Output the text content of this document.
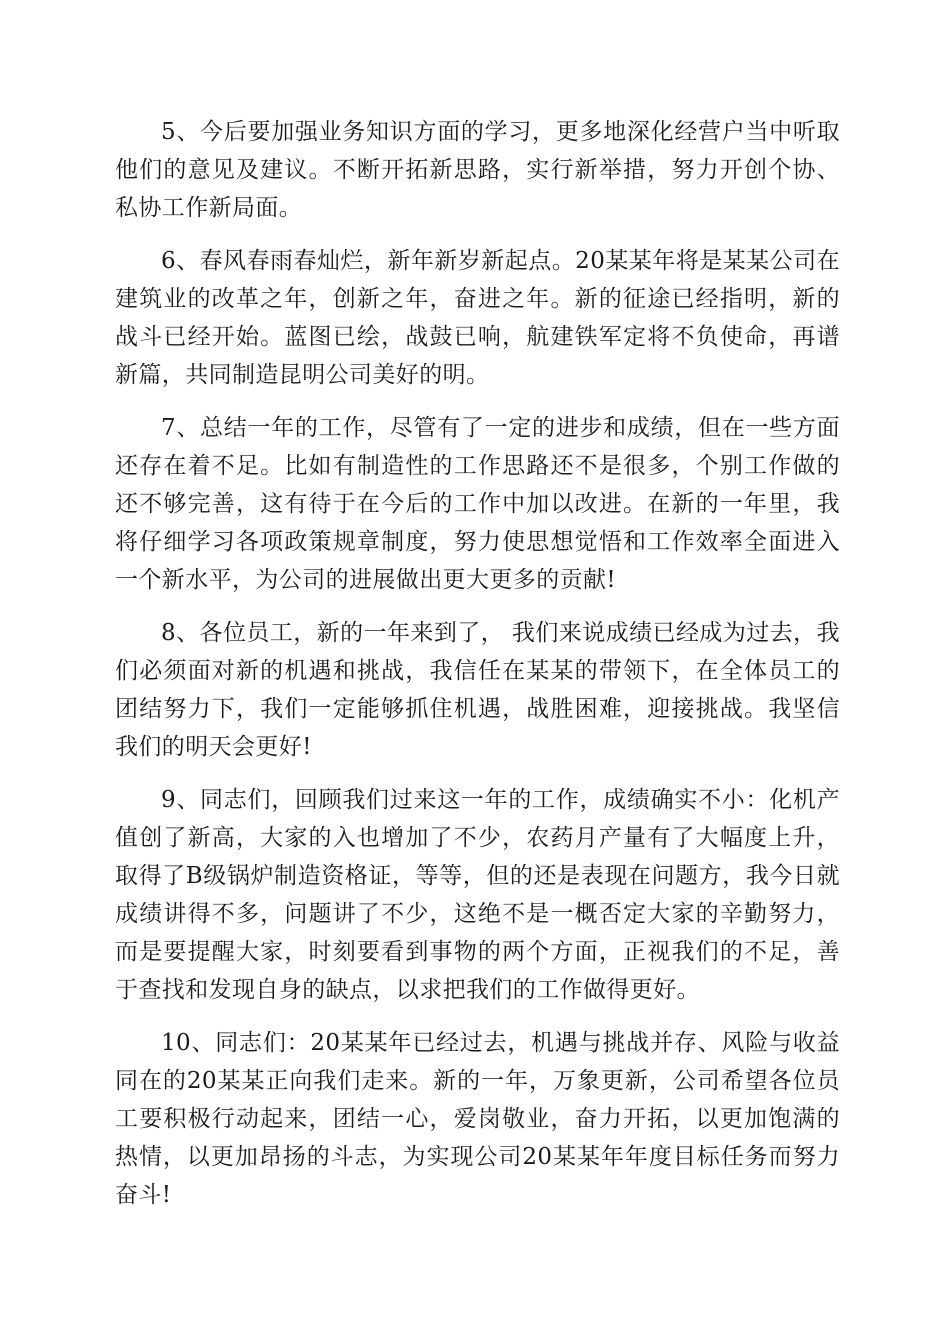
5、今后要加强业务知识方面的学习，更多地深化经营户当中听取他们的意见及建议。不断开拓新思路，实行新举措，努力开创个协、私协工作新局面。

6、春风春雨春灿烂，新年新岁新起点。20某某年将是某某公司在建筑业的改革之年，创新之年，奋进之年。新的征途已经指明，新的战斗已经开始。蓝图已绘，战鼓已响，航建铁军定将不负使命，再谱新篇，共同制造昆明公司美好的明。

7、总结一年的工作，尽管有了一定的进步和成绩，但在一些方面还存在着不足。比如有制造性的工作思路还不是很多，个别工作做的还不够完善，这有待于在今后的工作中加以改进。在新的一年里，我将仔细学习各项政策规章制度，努力使思想觉悟和工作效率全面进入一个新水平，为公司的进展做出更大更多的贡献!

8、各位员工，新的一年来到了， 我们来说成绩已经成为过去，我们必须面对新的机遇和挑战，我信任在某某的带领下，在全体员工的团结努力下，我们一定能够抓住机遇，战胜困难，迎接挑战。我坚信我们的明天会更好!

9、同志们，回顾我们过来这一年的工作，成绩确实不小：化机产值创了新高，大家的入也增加了不少，农药月产量有了大幅度上升，取得了B级锅炉制造资格证，等等，但的还是表现在问题方，我今日就成绩讲得不多，问题讲了不少，这绝不是一概否定大家的辛勤努力，而是要提醒大家，时刻要看到事物的两个方面，正视我们的不足，善于查找和发现自身的缺点，以求把我们的工作做得更好。

10、同志们：20某某年已经过去，机遇与挑战并存、风险与收益同在的20某某正向我们走来。新的一年，万象更新，公司希望各位员工要积极行动起来，团结一心，爱岗敬业，奋力开拓，以更加饱满的热情，以更加昂扬的斗志，为实现公司20某某年年度目标任务而努力奋斗!
